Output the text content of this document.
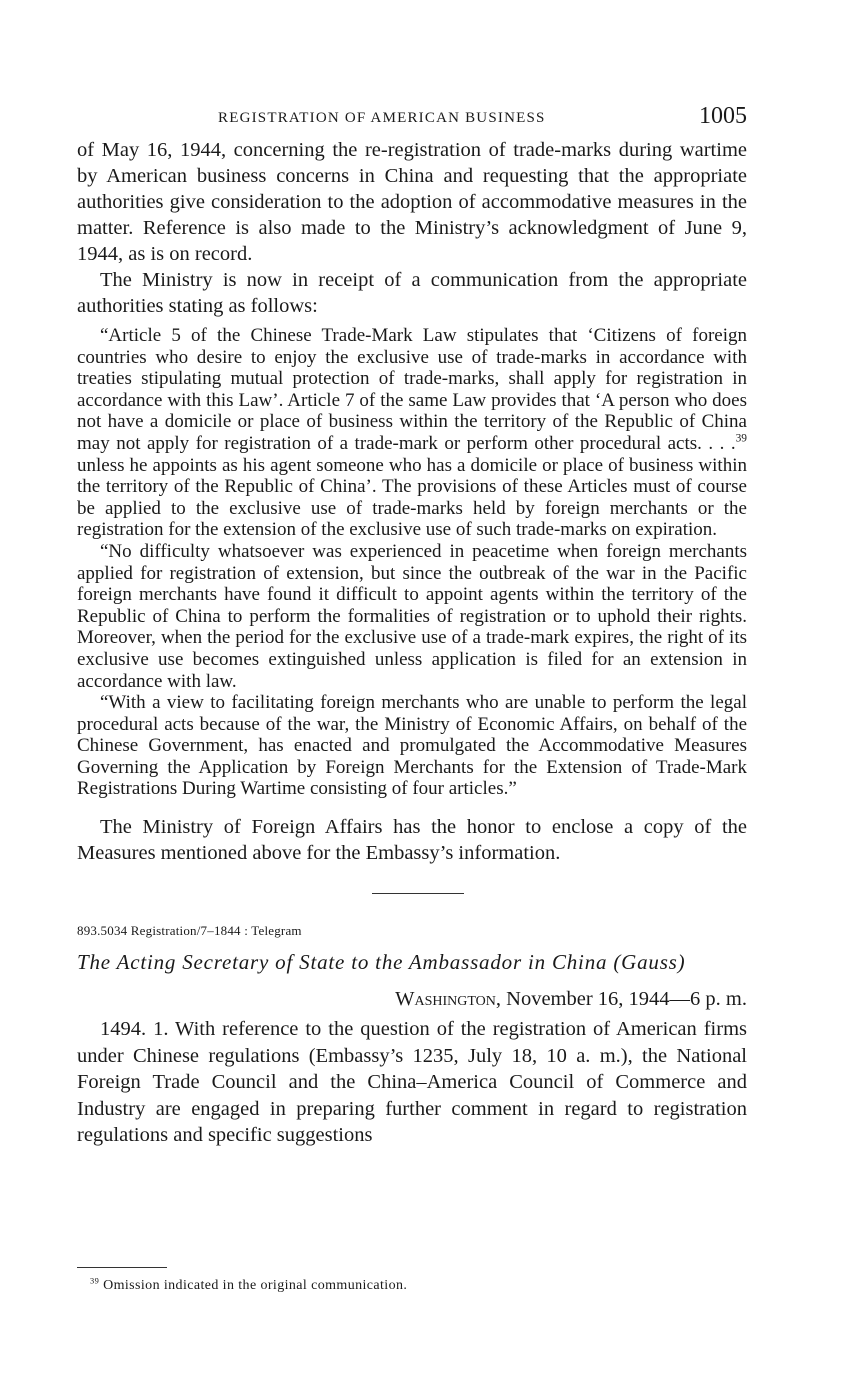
REGISTRATION OF AMERICAN BUSINESS	1005

of May 16, 1944, concerning the re-registration of trade-marks during wartime by American business concerns in China and requesting that the appropriate authorities give consideration to the adoption of accommodative measures in the matter. Reference is also made to the Ministry’s acknowledgment of June 9, 1944, as is on record.

The Ministry is now in receipt of a communication from the appropriate authorities stating as follows:

“Article 5 of the Chinese Trade-Mark Law stipulates that ‘Citizens of foreign countries who desire to enjoy the exclusive use of trade-marks in accordance with treaties stipulating mutual protection of trade-marks, shall apply for registration in accordance with this Law’. Article 7 of the same Law provides that ‘A person who does not have a domicile or place of business within the territory of the Republic of China may not apply for registration of a trade-mark or perform other procedural acts. . . .$^{39}$ unless he appoints as his agent someone who has a domicile or place of business within the territory of the Republic of China’. The provisions of these Articles must of course be applied to the exclusive use of trade-marks held by foreign merchants or the registration for the extension of the exclusive use of such trade-marks on expiration.

“No difficulty whatsoever was experienced in peacetime when foreign merchants applied for registration of extension, but since the outbreak of the war in the Pacific foreign merchants have found it difficult to appoint agents within the territory of the Republic of China to perform the formalities of registration or to uphold their rights. Moreover, when the period for the exclusive use of a trade-mark expires, the right of its exclusive use becomes extinguished unless application is filed for an extension in accordance with law.

“With a view to facilitating foreign merchants who are unable to perform the legal procedural acts because of the war, the Ministry of Economic Affairs, on behalf of the Chinese Government, has enacted and promulgated the Accommodative Measures Governing the Application by Foreign Merchants for the Extension of Trade-Mark Registrations During Wartime consisting of four articles.”

The Ministry of Foreign Affairs has the honor to enclose a copy of the Measures mentioned above for the Embassy’s information.

893.5034 Registration/7–1844 : Telegram
The Acting Secretary of State to the Ambassador in China (Gauss)
Washington, November 16, 1944—6 p. m.

1494. 1. With reference to the question of the registration of American firms under Chinese regulations (Embassy’s 1235, July 18, 10 a. m.), the National Foreign Trade Council and the China–America Council of Commerce and Industry are engaged in preparing further comment in regard to registration regulations and specific suggestions

$^{39}$ Omission indicated in the original communication.
